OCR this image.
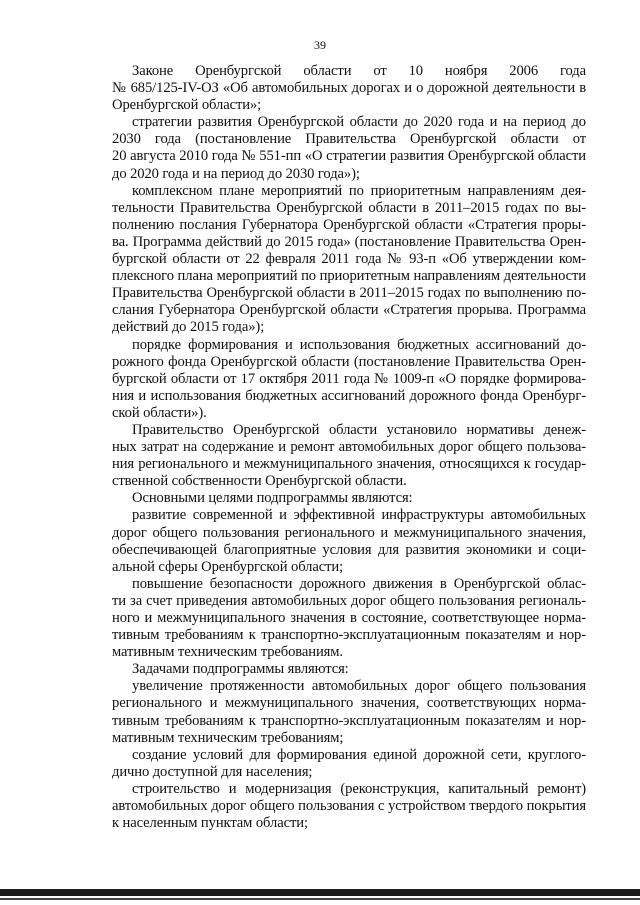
39
Законе Оренбургской области от 10 ноября 2006 года
№ 685/125-IV-ОЗ «Об автомобильных дорогах и о дорожной деятельности в
Оренбургской области»;
стратегии развития Оренбургской области до 2020 года и на период до
2030 года (постановление Правительства Оренбургской области от
20 августа 2010 года № 551-пп «О стратегии развития Оренбургской области
до 2020 года и на период до 2030 года»);
комплексном плане мероприятий по приоритетным направлениям дея-
тельности Правительства Оренбургской области в 2011–2015 годах по вы-
полнению послания Губернатора Оренбургской области «Стратегия проры-
ва. Программа действий до 2015 года» (постановление Правительства Орен-
бургской области от 22 февраля 2011 года № 93-п «Об утверждении ком-
плексного плана мероприятий по приоритетным направлениям деятельности
Правительства Оренбургской области в 2011–2015 годах по выполнению по-
слания Губернатора Оренбургской области «Стратегия прорыва. Программа
действий до 2015 года»);
порядке формирования и использования бюджетных ассигнований до-
рожного фонда Оренбургской области (постановление Правительства Орен-
бургской области от 17 октября 2011 года № 1009-п «О порядке формирова-
ния и использования бюджетных ассигнований дорожного фонда Оренбург-
ской области»).
Правительство Оренбургской области установило нормативы денеж-
ных затрат на содержание и ремонт автомобильных дорог общего пользова-
ния регионального и межмуниципального значения, относящихся к государ-
ственной собственности Оренбургской области.
Основными целями подпрограммы являются:
развитие современной и эффективной инфраструктуры автомобильных
дорог общего пользования регионального и межмуниципального значения,
обеспечивающей благоприятные условия для развития экономики и соци-
альной сферы Оренбургской области;
повышение безопасности дорожного движения в Оренбургской облас-
ти за счет приведения автомобильных дорог общего пользования региональ-
ного и межмуниципального значения в состояние, соответствующее норма-
тивным требованиям к транспортно-эксплуатационным показателям и нор-
мативным техническим требованиям.
Задачами подпрограммы являются:
увеличение протяженности автомобильных дорог общего пользования
регионального и межмуниципального значения, соответствующих норма-
тивным требованиям к транспортно-эксплуатационным показателям и нор-
мативным техническим требованиям;
создание условий для формирования единой дорожной сети, круглого-
дично доступной для населения;
строительство и модернизация (реконструкция, капитальный ремонт)
автомобильных дорог общего пользования с устройством твердого покрытия
к населенным пунктам области;
